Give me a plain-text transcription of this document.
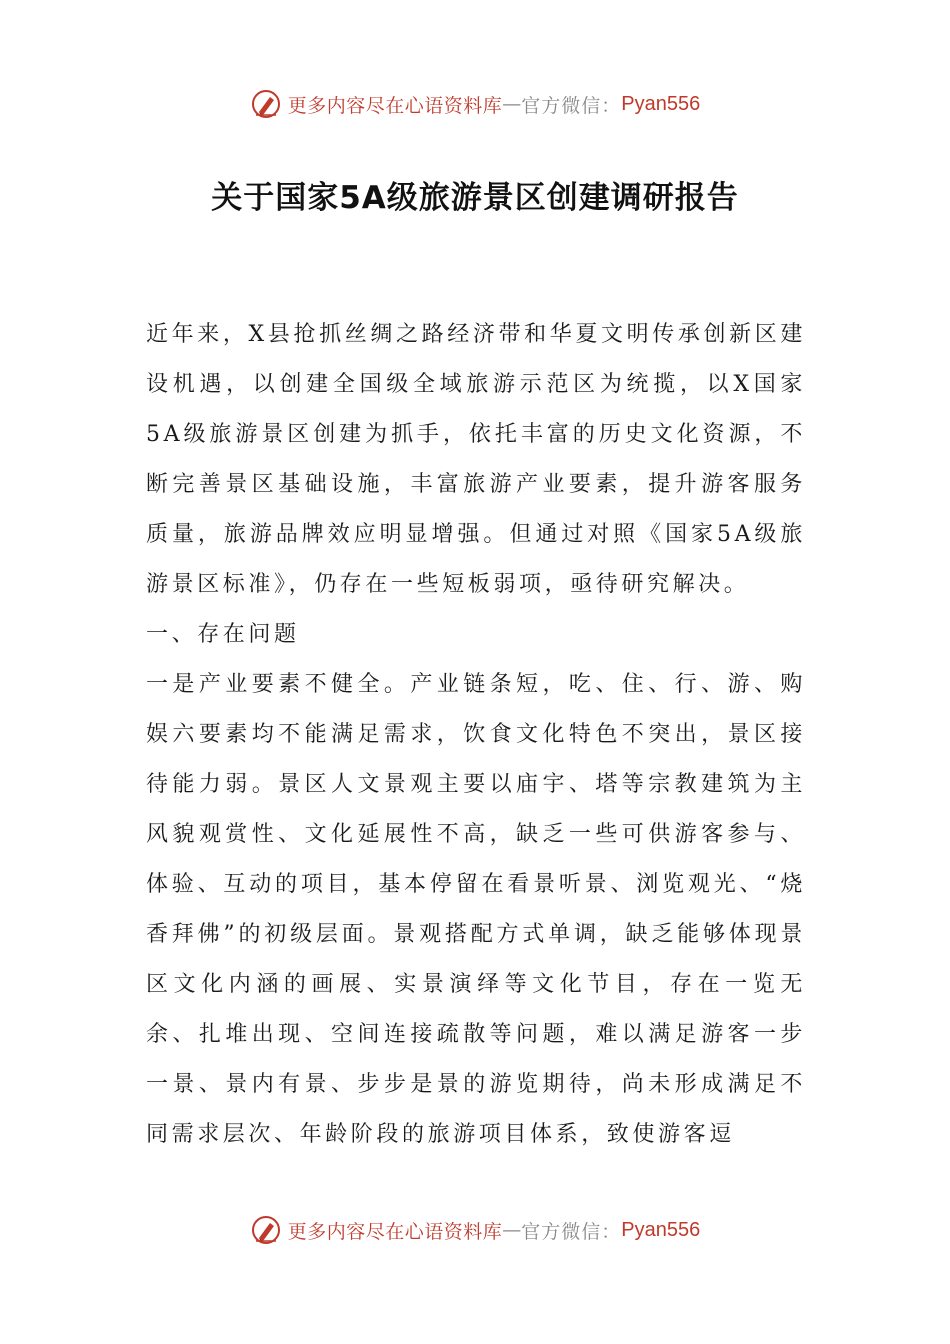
更多内容尽在心语资料库 — 官方微信： Pyan556
关于国家5A级旅游景区创建调研报告

近年来，X县抢抓丝绸之路经济带和华夏文明传承创新区建设机遇，以创建全国级全域旅游示范区为统揽，以X国家5A级旅游景区创建为抓手，依托丰富的历史文化资源，不断完善景区基础设施，丰富旅游产业要素，提升游客服务质量，旅游品牌效应明显增强。但通过对照《国家5A级旅游景区标准》，仍存在一些短板弱项，亟待研究解决。

一、存在问题

一是产业要素不健全。产业链条短，吃、住、行、游、购娱六要素均不能满足需求，饮食文化特色不突出，景区接待能力弱。景区人文景观主要以庙宇、塔等宗教建筑为主风貌观赏性、文化延展性不高，缺乏一些可供游客参与、体验、互动的项目，基本停留在看景听景、浏览观光、“烧香拜佛”的初级层面。景观搭配方式单调，缺乏能够体现景区文化内涵的画展、实景演绎等文化节目，存在一览无余、扎堆出现、空间连接疏散等问题，难以满足游客一步一景、景内有景、步步是景的游览期待，尚未形成满足不同需求层次、年龄阶段的旅游项目体系，致使游客逗

更多内容尽在心语资料库 — 官方微信： Pyan556
